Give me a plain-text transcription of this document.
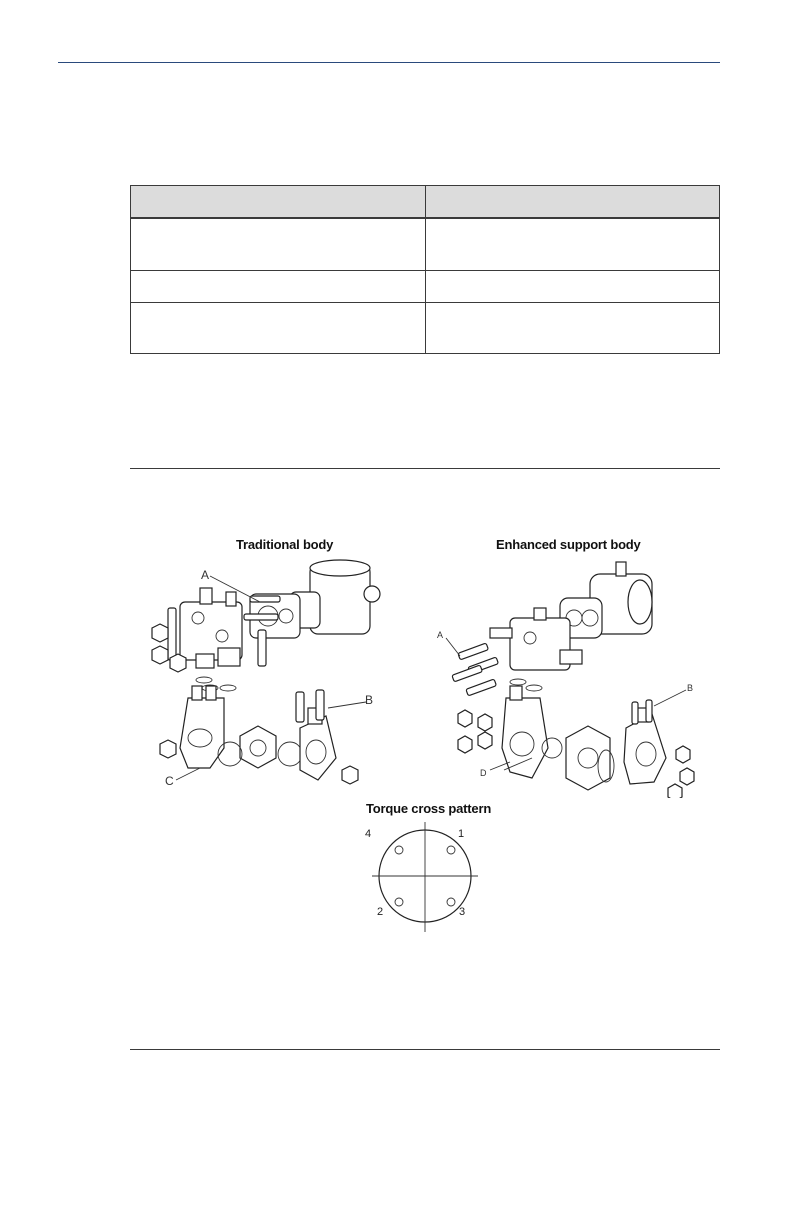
Traditional body	Enhanced support body
A
B
C
A
B
D
Torque cross pattern
4	1
2	3
